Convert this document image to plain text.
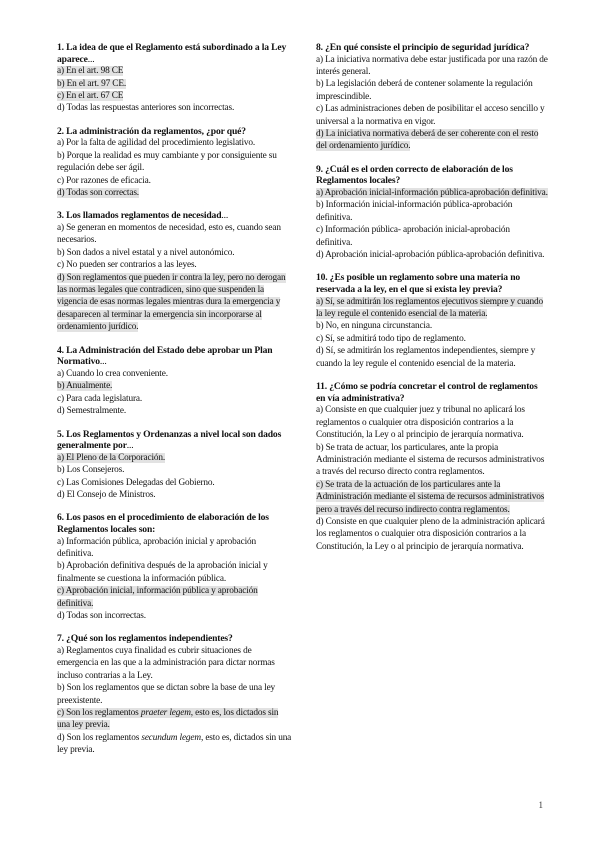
1. La idea de que el Reglamento está subordinado a la Ley aparece...
a) En el art. 98 CE
b) En el art. 97 CE.
c) En el art. 67 CE
d) Todas las respuestas anteriores son incorrectas.
2. La administración da reglamentos, ¿por qué?
a) Por la falta de agilidad del procedimiento legislativo.
b) Porque la realidad es muy cambiante y por consiguiente su regulación debe ser ágil.
c) Por razones de eficacia.
d) Todas son correctas.
3. Los llamados reglamentos de necesidad...
a) Se generan en momentos de necesidad, esto es, cuando sean necesarios.
b) Son dados a nivel estatal y a nivel autonómico.
c) No pueden ser contrarios a las leyes.
d) Son reglamentos que pueden ir contra la ley, pero no derogan las normas legales que contradicen, sino que suspenden la vigencia de esas normas legales mientras dura la emergencia y desaparecen al terminar la emergencia sin incorporarse al ordenamiento jurídico.
4. La Administración del Estado debe aprobar un Plan Normativo...
a) Cuando lo crea conveniente.
b) Anualmente.
c) Para cada legislatura.
d) Semestralmente.
5. Los Reglamentos y Ordenanzas a nivel local son dados generalmente por...
a) El Pleno de la Corporación.
b) Los Consejeros.
c) Las Comisiones Delegadas del Gobierno.
d) El Consejo de Ministros.
6. Los pasos en el procedimiento de elaboración de los Reglamentos locales son:
a) Información pública, aprobación inicial y aprobación definitiva.
b) Aprobación definitiva después de la aprobación inicial y finalmente se cuestiona la información pública.
c) Aprobación inicial, información pública y aprobación definitiva.
d) Todas son incorrectas.
7. ¿Qué son los reglamentos independientes?
a) Reglamentos cuya finalidad es cubrir situaciones de emergencia en las que a la administración para dictar normas incluso contrarias a la Ley.
b) Son los reglamentos que se dictan sobre la base de una ley preexistente.
c) Son los reglamentos praeter legem, esto es, los dictados sin una ley previa.
d) Son los reglamentos secundum legem, esto es, dictados sin una ley previa.
8. ¿En qué consiste el principio de seguridad jurídica?
a) La iniciativa normativa debe estar justificada por una razón de interés general.
b) La legislación deberá de contener solamente la regulación imprescindible.
c) Las administraciones deben de posibilitar el acceso sencillo y universal a la normativa en vigor.
d) La iniciativa normativa deberá de ser coherente con el resto del ordenamiento jurídico.
9. ¿Cuál es el orden correcto de elaboración de los Reglamentos locales?
a) Aprobación inicial-información pública-aprobación definitiva.
b) Información inicial-información pública-aprobación definitiva.
c) Información pública- aprobación inicial-aprobación definitiva.
d) Aprobación inicial-aprobación pública-aprobación definitiva.
10. ¿Es posible un reglamento sobre una materia no reservada a la ley, en el que si exista ley previa?
a) Sí, se admitirán los reglamentos ejecutivos siempre y cuando la ley regule el contenido esencial de la materia.
b) No, en ninguna circunstancia.
c) Sí, se admitirá todo tipo de reglamento.
d) Sí, se admitirán los reglamentos independientes, siempre y cuando la ley regule el contenido esencial de la materia.
11. ¿Cómo se podría concretar el control de reglamentos en vía administrativa?
a) Consiste en que cualquier juez y tribunal no aplicará los reglamentos o cualquier otra disposición contrarios a la Constitución, la Ley o al principio de jerarquía normativa.
b) Se trata de actuar, los particulares, ante la propia Administración mediante el sistema de recursos administrativos a través del recurso directo contra reglamentos.
c) Se trata de la actuación de los particulares ante la Administración mediante el sistema de recursos administrativos pero a través del recurso indirecto contra reglamentos.
d) Consiste en que cualquier pleno de la administración aplicará los reglamentos o cualquier otra disposición contrarios a la Constitución, la Ley o al principio de jerarquía normativa.
1
